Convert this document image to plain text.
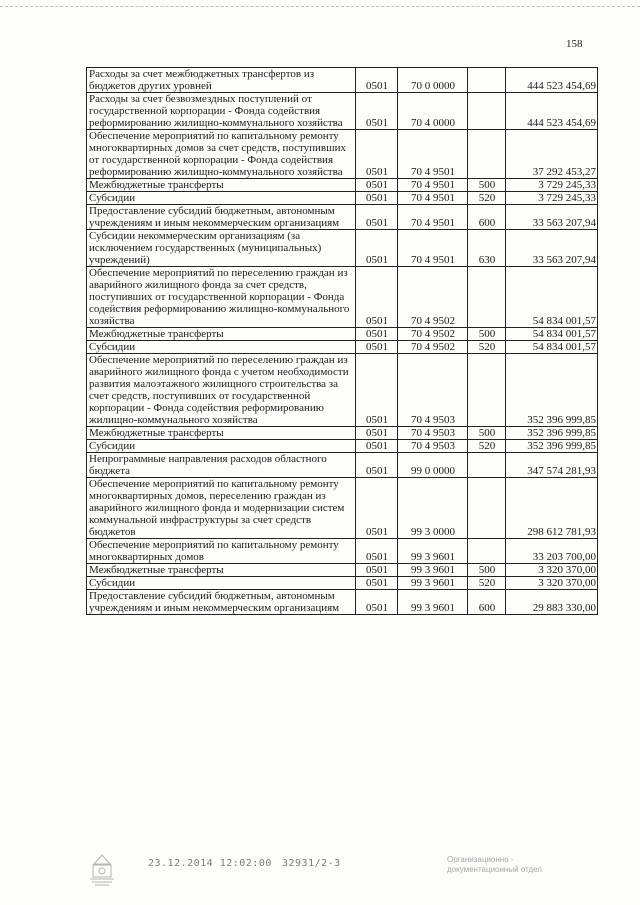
158
Расходы за счет межбюджетных трансфертов из бюджетов других уровней	0501	70 0 0000		444 523 454,69
Расходы за счет безвозмездных поступлений от государственной корпорации - Фонда содействия реформированию жилищно-коммунального хозяйства	0501	70 4 0000		444 523 454,69
Обеспечение мероприятий по капитальному ремонту многоквартирных домов за счет средств, поступивших от государственной корпорации - Фонда содействия реформированию жилищно-коммунального хозяйства	0501	70 4 9501		37 292 453,27
Межбюджетные трансферты	0501	70 4 9501	500	3 729 245,33
Субсидии	0501	70 4 9501	520	3 729 245,33
Предоставление субсидий бюджетным, автономным учреждениям и иным некоммерческим организациям	0501	70 4 9501	600	33 563 207,94
Субсидии некоммерческим организациям (за исключением государственных (муниципальных) учреждений)	0501	70 4 9501	630	33 563 207,94
Обеспечение мероприятий по переселению граждан из аварийного жилищного фонда за счет средств, поступивших от государственной корпорации - Фонда содействия реформированию жилищно-коммунального хозяйства	0501	70 4 9502		54 834 001,57
Межбюджетные трансферты	0501	70 4 9502	500	54 834 001,57
Субсидии	0501	70 4 9502	520	54 834 001,57
Обеспечение мероприятий по переселению граждан из аварийного жилищного фонда с учетом необходимости развития малоэтажного жилищного строительства за счет средств, поступивших от государственной корпорации - Фонда содействия реформированию жилищно-коммунального хозяйства	0501	70 4 9503		352 396 999,85
Межбюджетные трансферты	0501	70 4 9503	500	352 396 999,85
Субсидии	0501	70 4 9503	520	352 396 999,85
Непрограммные направления расходов областного бюджета	0501	99 0 0000		347 574 281,93
Обеспечение мероприятий по капитальному ремонту многоквартирных домов, переселению граждан из аварийного жилищного фонда и модернизации систем коммунальной инфраструктуры за счет средств бюджетов	0501	99 3 0000		298 612 781,93
Обеспечение мероприятий по капитальному ремонту многоквартирных домов	0501	99 3 9601		33 203 700,00
Межбюджетные трансферты	0501	99 3 9601	500	3 320 370,00
Субсидии	0501	99 3 9601	520	3 320 370,00
Предоставление субсидий бюджетным, автономным учреждениям и иным некоммерческим организациям	0501	99 3 9601	600	29 883 330,00
23.12.2014 12:02:00 32931/2-3	Организационно -
документационный отдел
